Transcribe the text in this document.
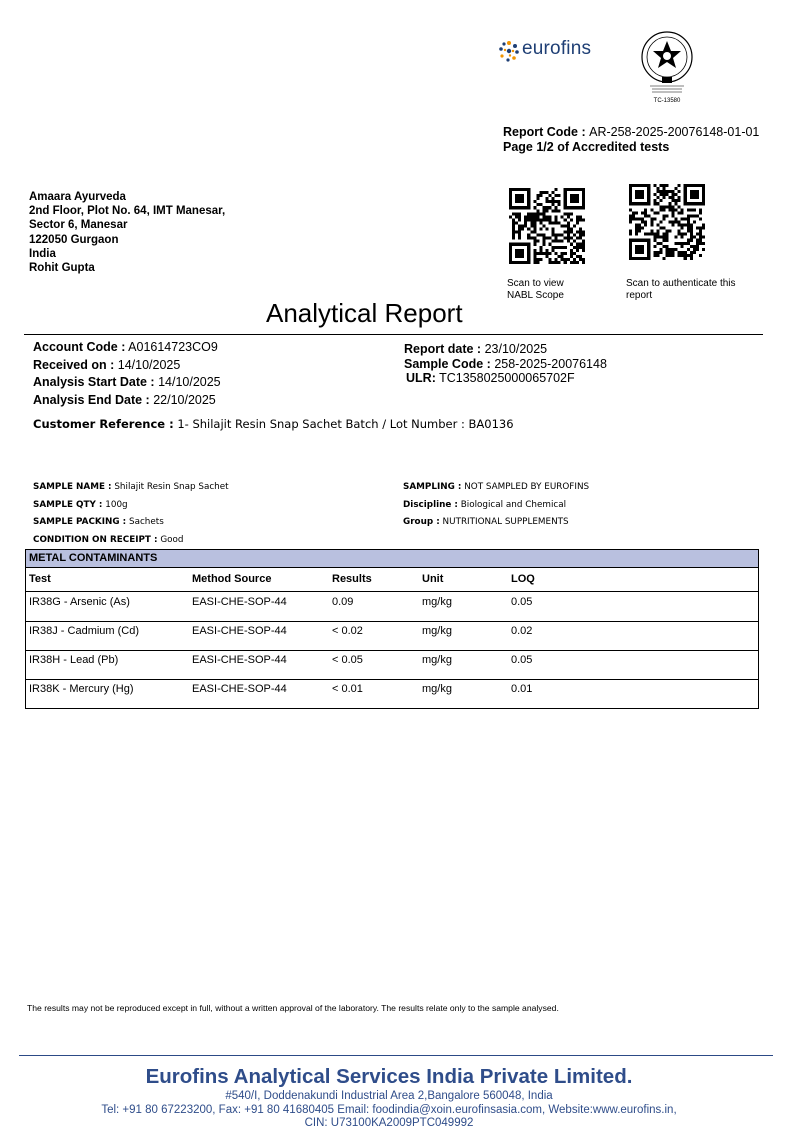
eurofins
TC-13580
Report Code : AR-258-2025-20076148-01-01
Page 1/2 of Accredited tests
Amaara Ayurveda
2nd Floor, Plot No. 64, IMT Manesar,
Sector 6, Manesar
122050 Gurgaon
India
Rohit Gupta
Scan to view
NABL Scope
Scan to authenticate this
report
Analytical Report
Account Code : A01614723CO9
Received on : 14/10/2025
Analysis Start Date : 14/10/2025
Analysis End Date : 22/10/2025
Report date : 23/10/2025
Sample Code : 258-2025-20076148
ULR: TC1358025000065702F
Customer Reference : 1- Shilajit Resin Snap Sachet Batch / Lot Number : BA0136
SAMPLE NAME : Shilajit Resin Snap Sachet
SAMPLE QTY : 100g
SAMPLE PACKING : Sachets
CONDITION ON RECEIPT : Good
SAMPLING : NOT SAMPLED BY EUROFINS
Discipline : Biological and Chemical
Group : NUTRITIONAL SUPPLEMENTS
METAL CONTAMINANTS
Test	Method Source	Results	Unit	LOQ
IR38G - Arsenic (As)	EASI-CHE-SOP-44	0.09	mg/kg	0.05
IR38J - Cadmium (Cd)	EASI-CHE-SOP-44	< 0.02	mg/kg	0.02
IR38H - Lead (Pb)	EASI-CHE-SOP-44	< 0.05	mg/kg	0.05
IR38K - Mercury (Hg)	EASI-CHE-SOP-44	< 0.01	mg/kg	0.01
The results may not be reproduced except in full, without a written approval of the laboratory. The results relate only to the sample analysed.
Eurofins Analytical Services India Private Limited.
#540/I, Doddenakundi Industrial Area 2,Bangalore 560048, India
Tel: +91 80 67223200, Fax: +91 80 41680405 Email: foodindia@xoin.eurofinsasia.com, Website:www.eurofins.in,
CIN: U73100KA2009PTC049992
